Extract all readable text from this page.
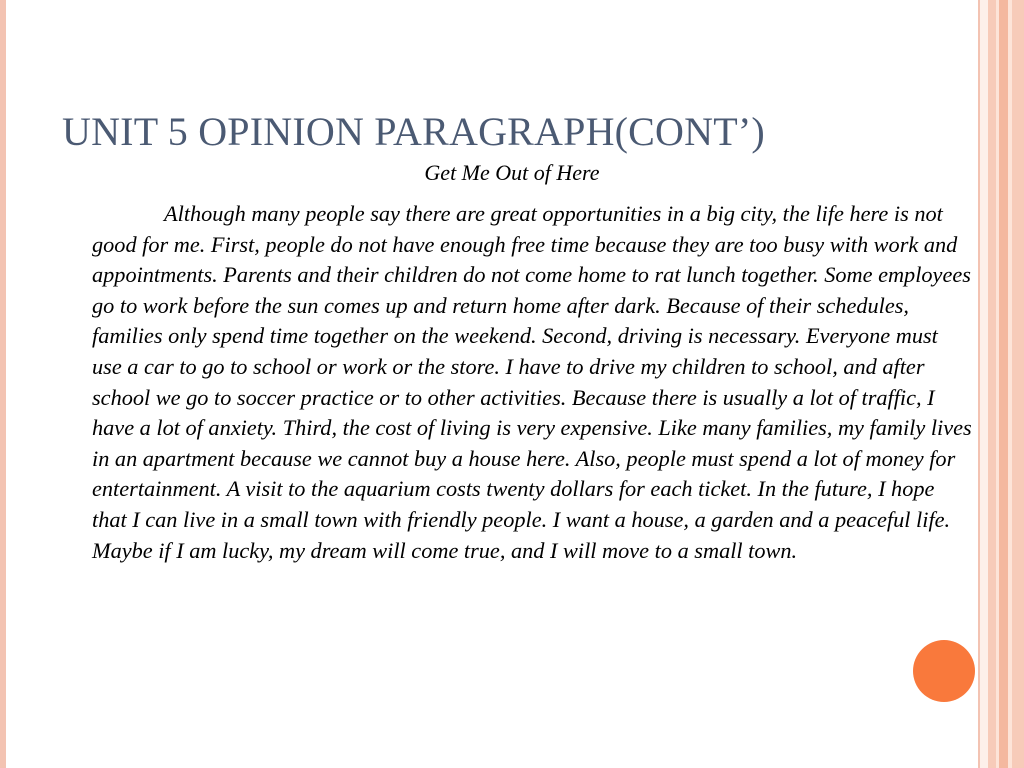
UNIT 5 OPINION PARAGRAPH(CONT’)
Get Me Out of Here

Although many people say there are great opportunities in a big city, the life here is not good for me. First, people do not have enough free time because they are too busy with work and appointments. Parents and their children do not come home to rat lunch together. Some employees go to work before the sun comes up and return home after dark. Because of their schedules, families only spend time together on the weekend. Second, driving is necessary. Everyone must use a car to go to school or work or the store. I have to drive my children to school, and after school we go to soccer practice or to other activities. Because there is usually a lot of traffic, I have a lot of anxiety. Third, the cost of living is very expensive. Like many families, my family lives in an apartment because we cannot buy a house here. Also, people must spend a lot of money for entertainment. A visit to the aquarium costs twenty dollars for each ticket. In the future, I hope that I can live in a small town with friendly people. I want a house, a garden and a peaceful life. Maybe if I am lucky, my dream will come true, and I will move to a small town.
